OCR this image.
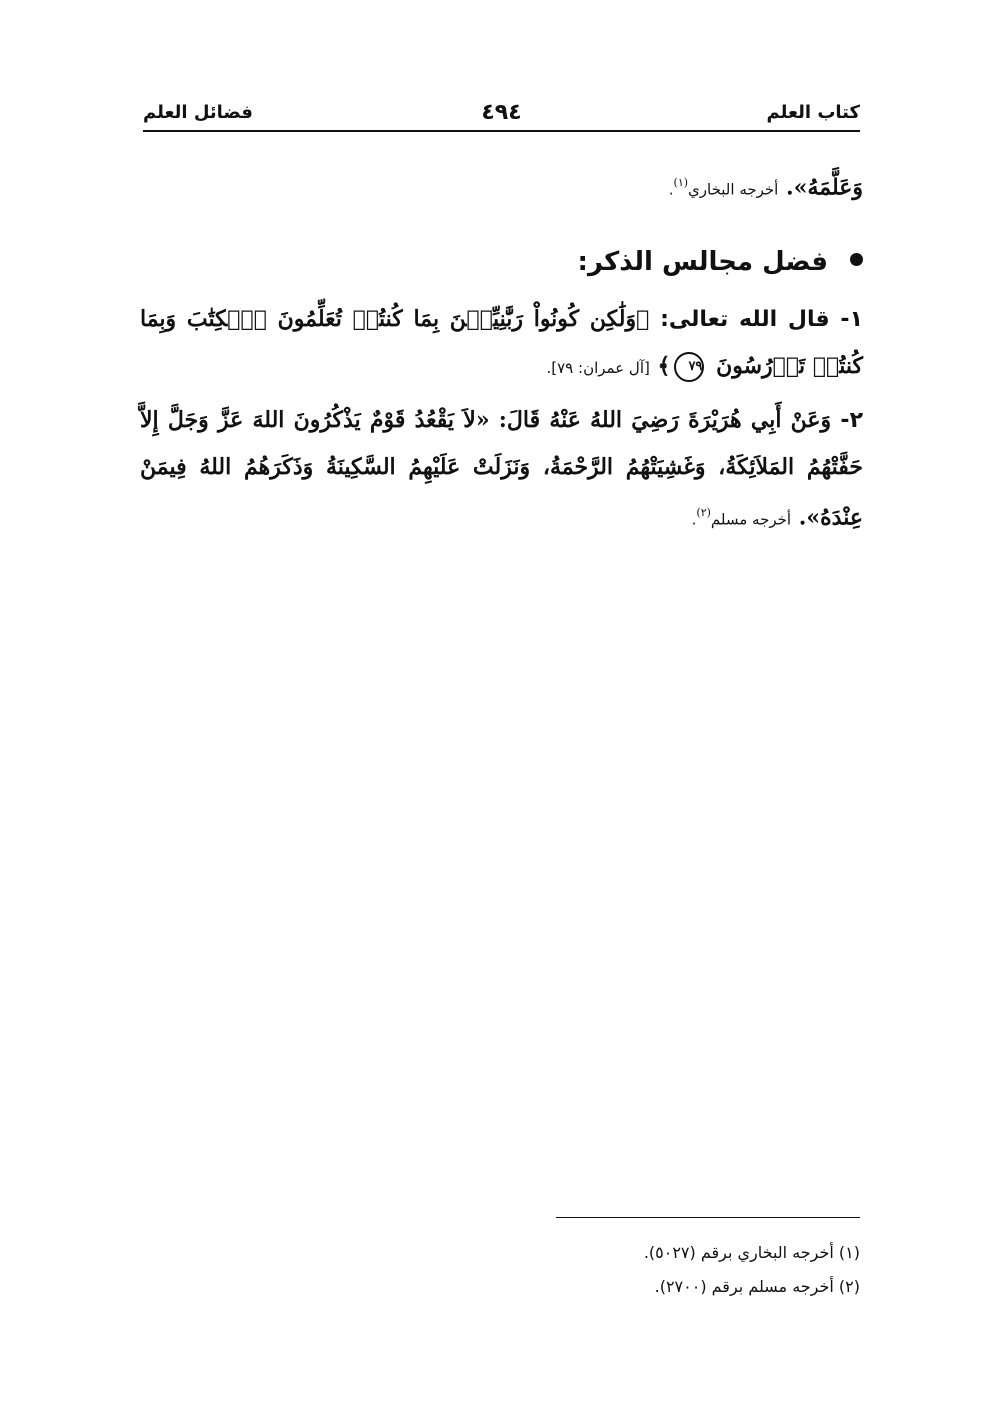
كتاب العلم
٤٩٤
فضائل العلم

وَعَلَّمَهُ». أخرجه البخاري$^{(١)}$.

فضل مجالس الذكر:

١- قال الله تعالى: ﴿وَلَٰكِن كُونُواْ رَبَّٰنِيِّـۧنَ بِمَا كُنتُمۡ تُعَلِّمُونَ ٱلۡكِتَٰبَ وَبِمَا كُنتُمۡ تَدۡرُسُونَ ٧٩﴾ [آل عمران: ٧٩].

٢- وَعَنْ أَبِي هُرَيْرَةَ رَضِيَ اللهُ عَنْهُ قَالَ: «لاَ يَقْعُدُ قَوْمٌ يَذْكُرُونَ اللهَ عَزَّ وَجَلَّ إِلاَّ حَفَّتْهُمُ المَلاَئِكَةُ، وَغَشِيَتْهُمُ الرَّحْمَةُ، وَنَزَلَتْ عَلَيْهِمُ السَّكِينَةُ وَذَكَرَهُمُ اللهُ فِيمَنْ عِنْدَهُ». أخرجه مسلم$^{(٢)}$.

(١) أخرجه البخاري برقم (٥٠٢٧).

(٢) أخرجه مسلم برقم (٢٧٠٠).
